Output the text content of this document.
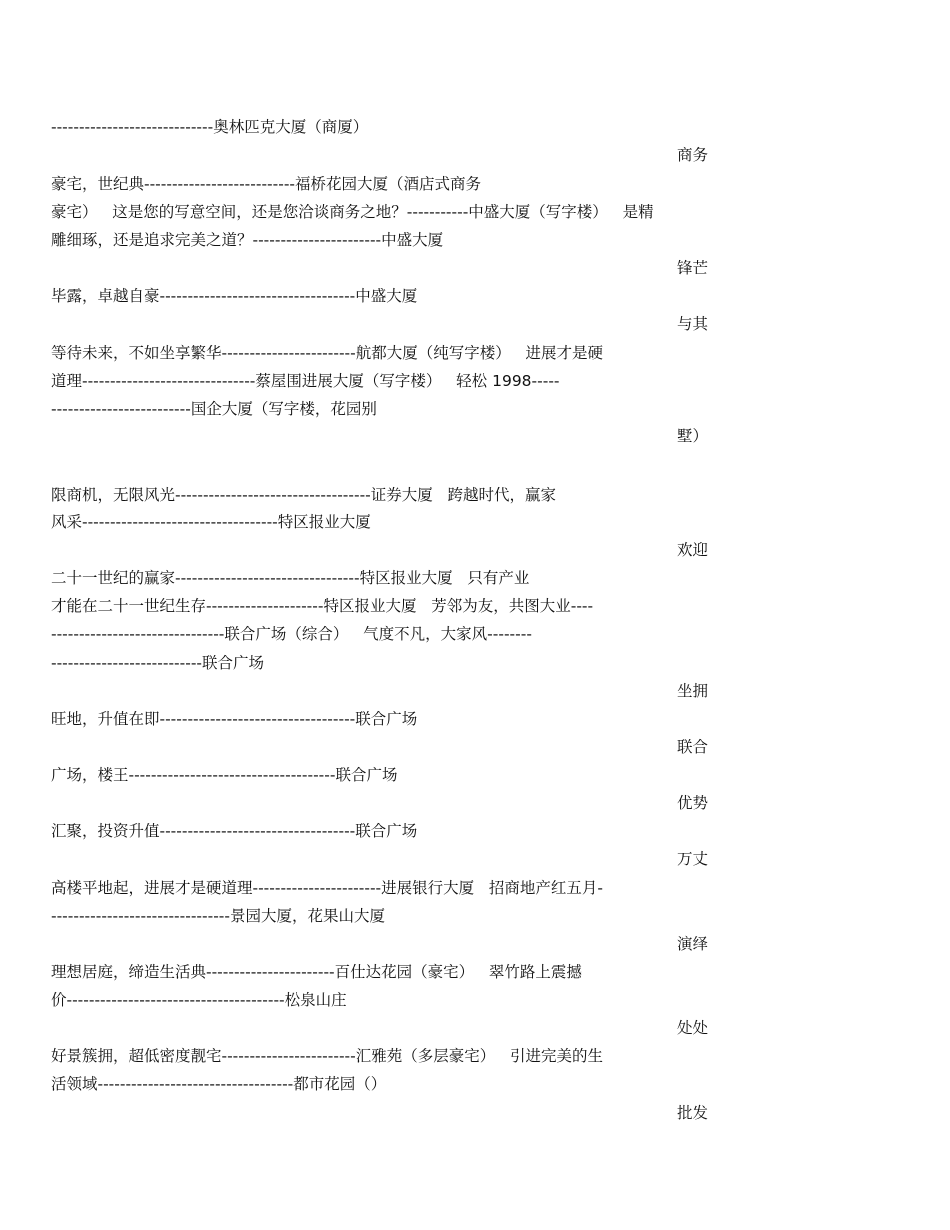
-----------------------------奥林匹克大厦（商厦）
商务
豪宅，世纪典---------------------------福桥花园大厦（酒店式商务
豪宅）   这是您的写意空间，还是您洽谈商务之地？-----------中盛大厦（写字楼）   是精
雕细琢，还是追求完美之道？-----------------------中盛大厦
锋芒
毕露，卓越自豪-----------------------------------中盛大厦
与其
等待未来，不如坐享繁华------------------------航都大厦（纯写字楼）   进展才是硬
道理-------------------------------蔡屋围进展大厦（写字楼）   轻松 1998-----
-------------------------国企大厦（写字楼，花园别
墅）
限商机，无限风光-----------------------------------证券大厦   跨越时代，赢家
风采-----------------------------------特区报业大厦
欢迎
二十一世纪的赢家---------------------------------特区报业大厦   只有产业
才能在二十一世纪生存---------------------特区报业大厦   芳邻为友，共图大业----
-------------------------------联合广场（综合）   气度不凡，大家风--------
---------------------------联合广场
坐拥
旺地，升值在即-----------------------------------联合广场
联合
广场，楼王-------------------------------------联合广场
优势
汇聚，投资升值-----------------------------------联合广场
万丈
高楼平地起，进展才是硬道理-----------------------进展银行大厦   招商地产红五月-
--------------------------------景园大厦，花果山大厦
演绎
理想居庭，缔造生活典-----------------------百仕达花园（豪宅）   翠竹路上震撼
价---------------------------------------松泉山庄
处处
好景簇拥，超低密度靓宅------------------------汇雅苑（多层豪宅）   引进完美的生
活领域-----------------------------------都市花园（）
批发
